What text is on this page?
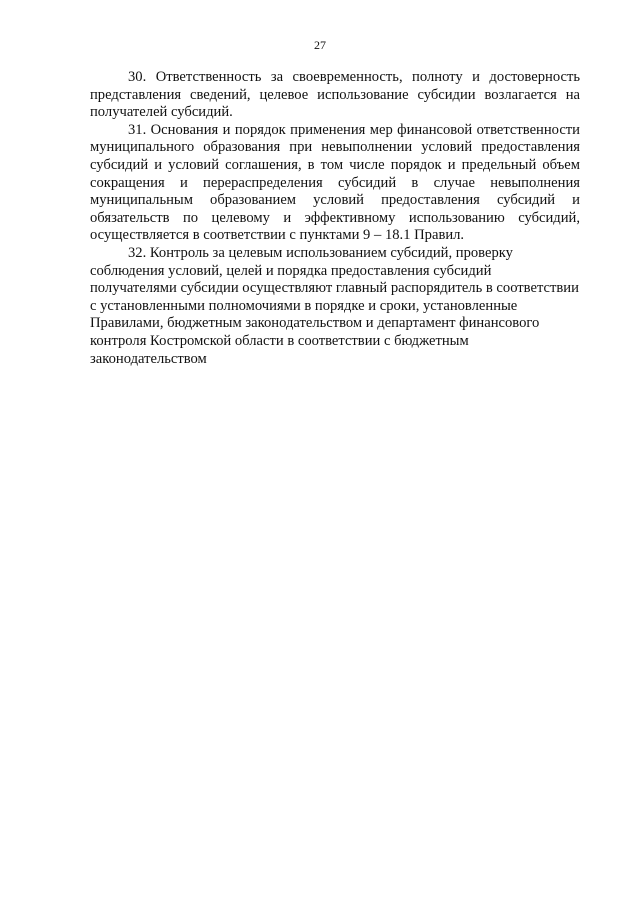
27

30. Ответственность за своевременность, полноту и достоверность представления сведений, целевое использование субсидии возлагается на получателей субсидий.

31. Основания и порядок применения мер финансовой ответственности муниципального образования при невыполнении условий предоставления субсидий и условий соглашения, в том числе порядок и предельный объем сокращения и перераспределения субсидий в случае невыполнения муниципальным образованием условий предоставления субсидий и обязательств по целевому и эффективному использованию субсидий, осуществляется в соответствии с пунктами 9 – 18.1 Правил.

32. Контроль за целевым использованием субсидий, проверку соблюдения условий, целей и порядка предоставления субсидий получателями субсидии осуществляют главный распорядитель в соответствии с установленными полномочиями в порядке и сроки, установленные Правилами, бюджетным законодательством и департамент финансового контроля Костромской области в соответствии с бюджетным законодательством
